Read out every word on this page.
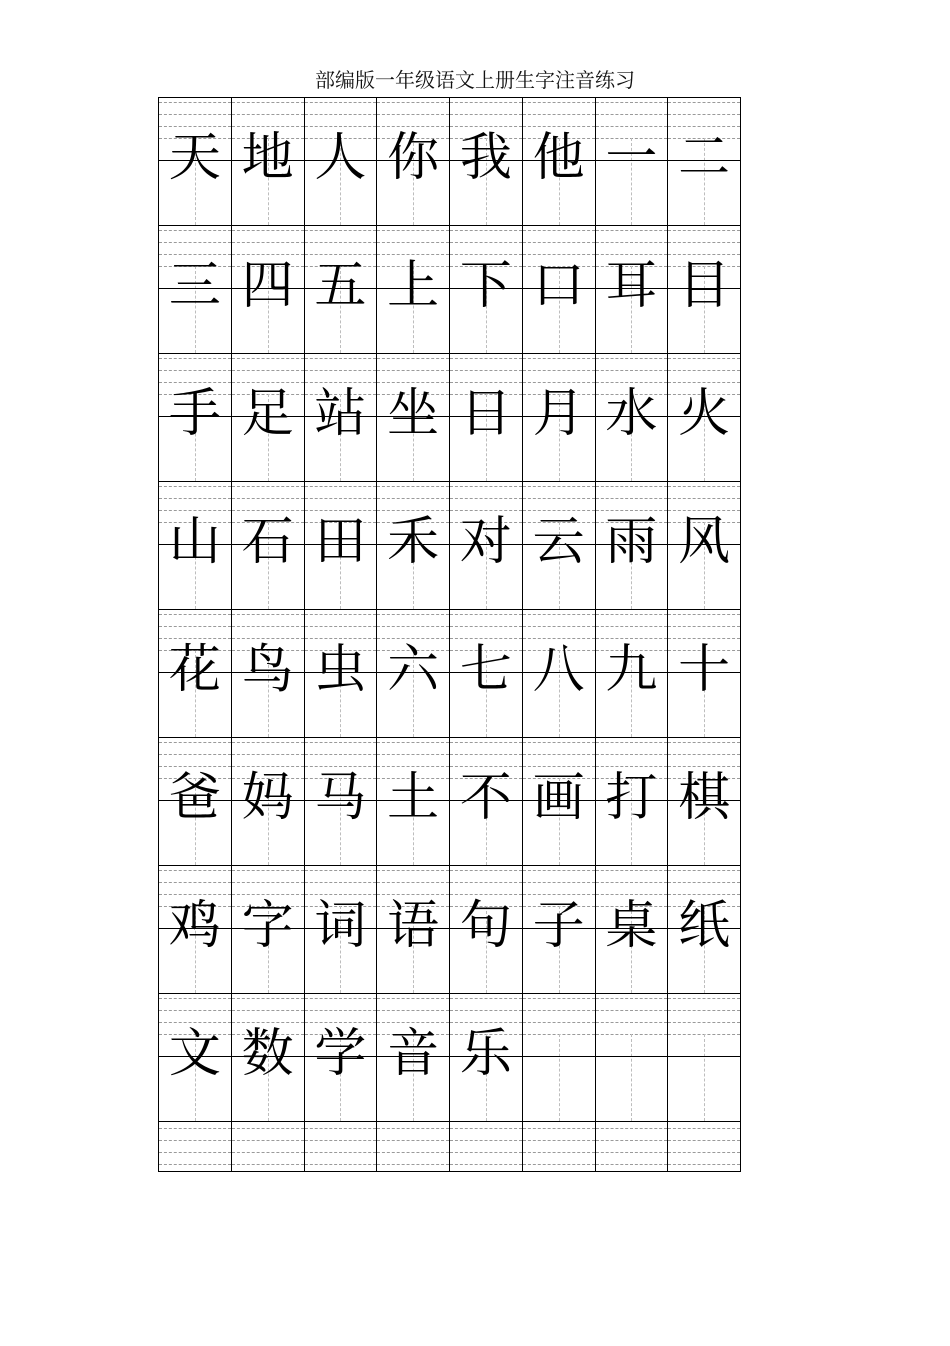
部编版一年级语文上册生字注音练习
天 地 人 你 我 他 一 二
三 四 五 上 下 口 耳 目
手 足 站 坐 日 月 水 火
山 石 田 禾 对 云 雨 风
花 鸟 虫 六 七 八 九 十
爸 妈 马 土 不 画 打 棋
鸡 字 词 语 句 子 桌 纸
文 数 学 音 乐
